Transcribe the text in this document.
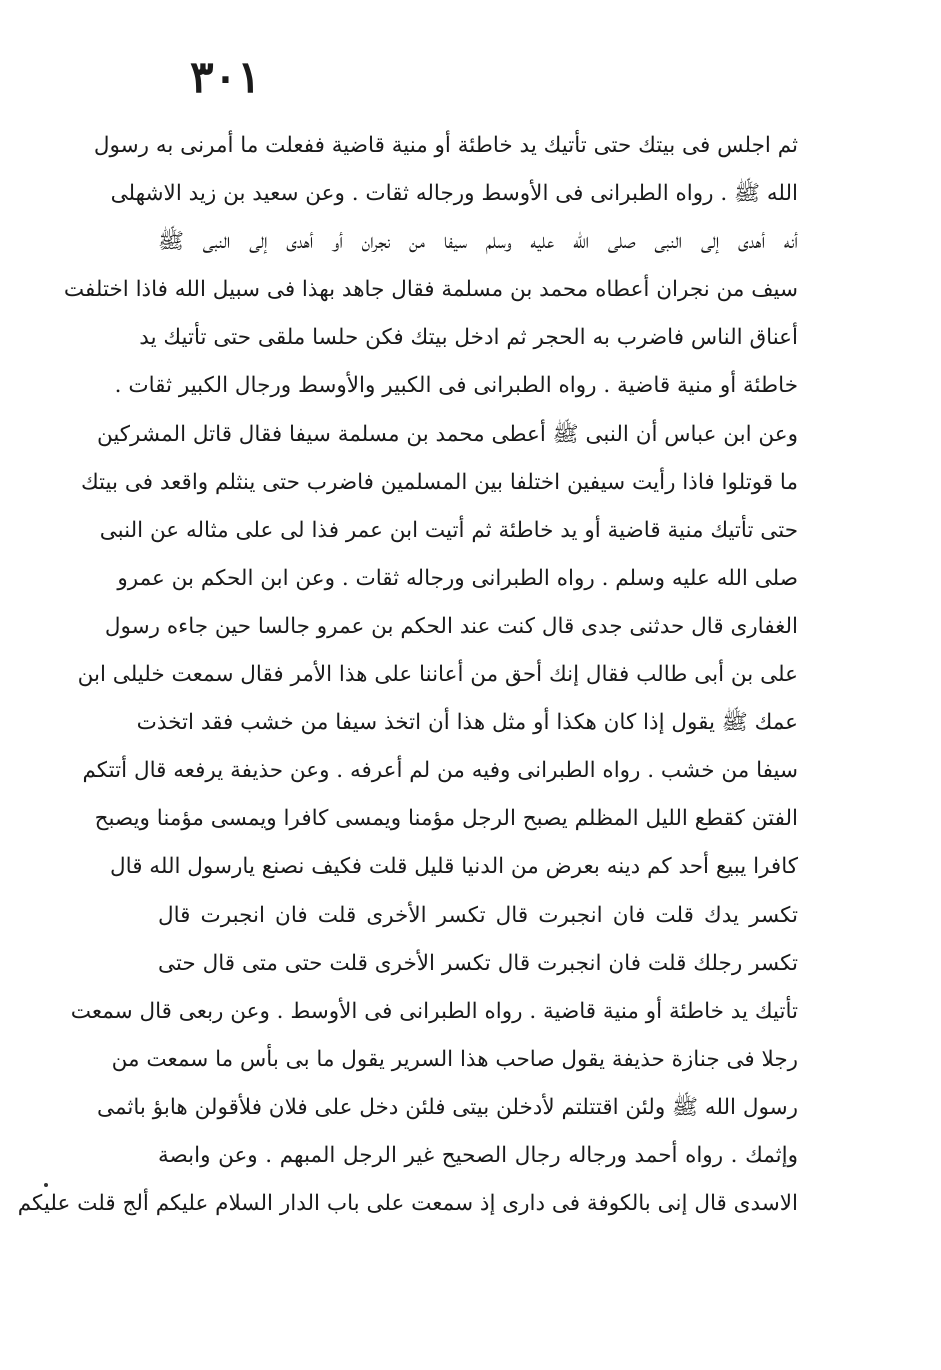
٣٠١
ثم اجلس فى بيتك حتى تأتيك يد خاطئة أو منية قاضية ففعلت ما أمرنى به رسول
الله ﷺ . رواه الطبرانى فى الأوسط ورجاله ثقات . وعن سعيد بن زيد الاشهلى
أنه أهدى إلى النبى صلى الله عليه وسلم سيفا من نجران أو أهدى إلى النبى ﷺ
سيف من نجران أعطاه محمد بن مسلمة فقال جاهد بهذا فى سبيل الله فاذا اختلفت
أعناق الناس فاضرب به الحجر ثم ادخل بيتك فكن حلسا ملقى حتى تأتيك يد
خاطئة أو منية قاضية . رواه الطبرانى فى الكبير والأوسط ورجال الكبير ثقات .
وعن ابن عباس أن النبى ﷺ أعطى محمد بن مسلمة سيفا فقال قاتل المشركين
ما قوتلوا فاذا رأيت سيفين اختلفا بين المسلمين فاضرب حتى ينثلم واقعد فى بيتك
حتى تأتيك منية قاضية أو يد خاطئة ثم أتيت ابن عمر فذا لى على مثاله عن النبى
صلى الله عليه وسلم . رواه الطبرانى ورجاله ثقات . وعن ابن الحكم بن عمرو
الغفارى قال حدثنى جدى قال كنت عند الحكم بن عمرو جالسا حين جاءه رسول
على بن أبى طالب فقال إنك أحق من أعاننا على هذا الأمر فقال سمعت خليلى ابن
عمك ﷺ يقول إذا كان هكذا أو مثل هذا أن اتخذ سيفا من خشب فقد اتخذت
سيفا من خشب . رواه الطبرانى وفيه من لم أعرفه . وعن حذيفة يرفعه قال أتتكم
الفتن كقطع الليل المظلم يصبح الرجل مؤمنا ويمسى كافرا ويمسى مؤمنا ويصبح
كافرا يبيع أحد كم دينه بعرض من الدنيا قليل قلت فكيف نصنع يارسول الله قال
تكسر يدك قلت فان انجبرت قال تكسر الأخرى قلت فان انجبرت قال
تكسر رجلك قلت فان انجبرت قال تكسر الأخرى قلت حتى متى قال حتى
تأتيك يد خاطئة أو منية قاضية . رواه الطبرانى فى الأوسط . وعن ربعى قال سمعت
رجلا فى جنازة حذيفة يقول صاحب هذا السرير يقول ما بى بأس ما سمعت من
رسول الله ﷺ ولئن اقتتلتم لأدخلن بيتى فلئن دخل على فلان فلأقولن هابؤ باثمى
وإثمك . رواه أحمد ورجاله رجال الصحيح غير الرجل المبهم . وعن وابصة
الاسدى قال إنى بالكوفة فى دارى إذ سمعت على باب الدار السلام عليكم ألج قلت عليكم
